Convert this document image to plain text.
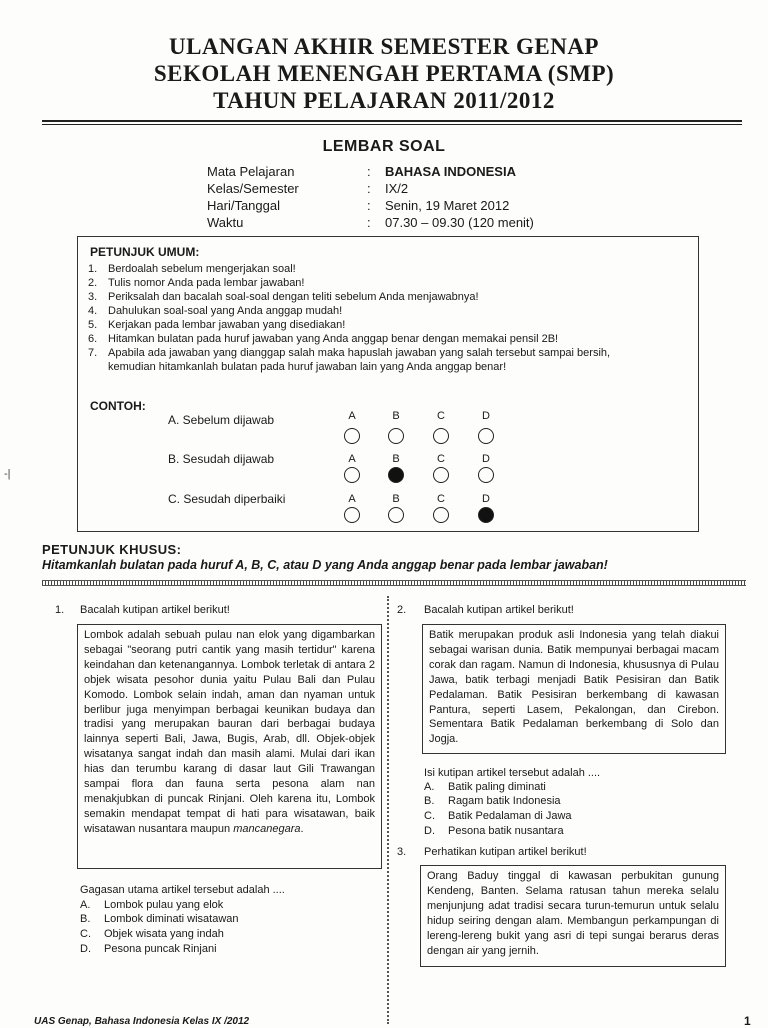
ULANGAN AKHIR SEMESTER GENAP
SEKOLAH MENENGAH PERTAMA (SMP)
TAHUN PELAJARAN 2011/2012
LEMBAR SOAL
Mata Pelajaran	: BAHASA INDONESIA
Kelas/Semester	: IX/2
Hari/Tanggal	: Senin, 19 Maret 2012
Waktu	: 07.30 – 09.30 (120 menit)
PETUNJUK UMUM:
1. Berdoalah sebelum mengerjakan soal!
2. Tulis nomor Anda pada lembar jawaban!
3. Periksalah dan bacalah soal-soal dengan teliti sebelum Anda menjawabnya!
4. Dahulukan soal-soal yang Anda anggap mudah!
5. Kerjakan pada lembar jawaban yang disediakan!
6. Hitamkan bulatan pada huruf jawaban yang Anda anggap benar dengan memakai pensil 2B!
7. Apabila ada jawaban yang dianggap salah maka hapuslah jawaban yang salah tersebut sampai bersih,
kemudian hitamkanlah bulatan pada huruf jawaban lain yang Anda anggap benar!
CONTOH:
A. Sebelum dijawab	A	B	C	D
B. Sesudah dijawab	A	B	C	D
C. Sesudah diperbaiki	A	B	C	D
PETUNJUK KHUSUS:
Hitamkanlah bulatan pada huruf A, B, C, atau D yang Anda anggap benar pada lembar jawaban!
1. Bacalah kutipan artikel berikut!

Lombok adalah sebuah pulau nan elok yang digambarkan sebagai "seorang putri cantik yang masih tertidur" karena keindahan dan ketenangannya. Lombok terletak di antara 2 objek wisata pesohor dunia yaitu Pulau Bali dan Pulau Komodo. Lombok selain indah, aman dan nyaman untuk berlibur juga menyimpan berbagai keunikan budaya dan tradisi yang merupakan bauran dari berbagai budaya lainnya seperti Bali, Jawa, Bugis, Arab, dll. Objek-objek wisatanya sangat indah dan masih alami. Mulai dari ikan hias dan terumbu karang di dasar laut Gili Trawangan sampai flora dan fauna serta pesona alam nan menakjubkan di puncak Rinjani. Oleh karena itu, Lombok semakin mendapat tempat di hati para wisatawan, baik wisatawan nusantara maupun mancanegara.

Gagasan utama artikel tersebut adalah ....
A. Lombok pulau yang elok
B. Lombok diminati wisatawan
C. Objek wisata yang indah
D. Pesona puncak Rinjani
2. Bacalah kutipan artikel berikut!

Batik merupakan produk asli Indonesia yang telah diakui sebagai warisan dunia. Batik mempunyai berbagai macam corak dan ragam. Namun di Indonesia, khususnya di Pulau Jawa, batik terbagi menjadi Batik Pesisiran dan Batik Pedalaman. Batik Pesisiran berkembang di kawasan Pantura, seperti Lasem, Pekalongan, dan Cirebon. Sementara Batik Pedalaman berkembang di Solo dan Jogja.

Isi kutipan artikel tersebut adalah ....
A. Batik paling diminati
B. Ragam batik Indonesia
C. Batik Pedalaman di Jawa
D. Pesona batik nusantara
3. Perhatikan kutipan artikel berikut!

Orang Baduy tinggal di kawasan perbukitan gunung Kendeng, Banten. Selama ratusan tahun mereka selalu menjunjung adat tradisi secara turun-temurun untuk selalu hidup seiring dengan alam. Membangun perkampungan di lereng-lereng bukit yang asri di tepi sungai berarus deras dengan air yang jernih.

UAS Genap, Bahasa Indonesia Kelas IX /2012	1
-|
